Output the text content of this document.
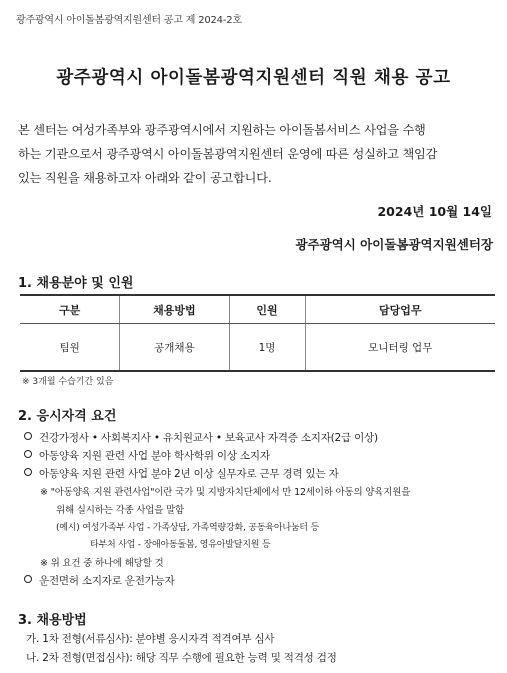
광주광역시 아이돌봄광역지원센터 공고 제 2024-2호
광주광역시 아이돌봄광역지원센터 직원 채용 공고
본 센터는 여성가족부와 광주광역시에서 지원하는 아이돌봄서비스 사업을 수행
하는 기관으로서 광주광역시 아이돌봄광역지원센터 운영에 따른 성실하고 책임감
있는 직원을 채용하고자 아래와 같이 공고합니다.
2024년 10월 14일
광주광역시 아이돌봄광역지원센터장
1. 채용분야 및 인원
구분	채용방법	인원	담당업무
팀원	공개채용	1명	모니터링 업무
※ 3개월 수습기간 있음
2. 응시자격 요건
건강가정사 • 사회복지사 • 유치원교사 • 보육교사 자격증 소지자(2급 이상)
아동양육 지원 관련 사업 분야 학사학위 이상 소지자
아동양육 지원 관련 사업 분야 2년 이상 실무자로 근무 경력 있는 자
※ "아동양육 지원 관련사업"이란 국가 및 지방자치단체에서 만 12세이하 아동의 양육지원을
위해 실시하는 각종 사업을 말함
(예시) 여성가족부 사업 - 가족상담, 가족역량강화, 공동육아나눔터 등
타부처 사업 - 장애아동돌봄, 영유아발달지원 등
※ 위 요건 중 하나에 해당할 것
운전면허 소지자로 운전가능자
3. 채용방법
가. 1차 전형(서류심사): 분야별 응시자격 적격여부 심사
나. 2차 전형(면접심사): 해당 직무 수행에 필요한 능력 및 적격성 검정
